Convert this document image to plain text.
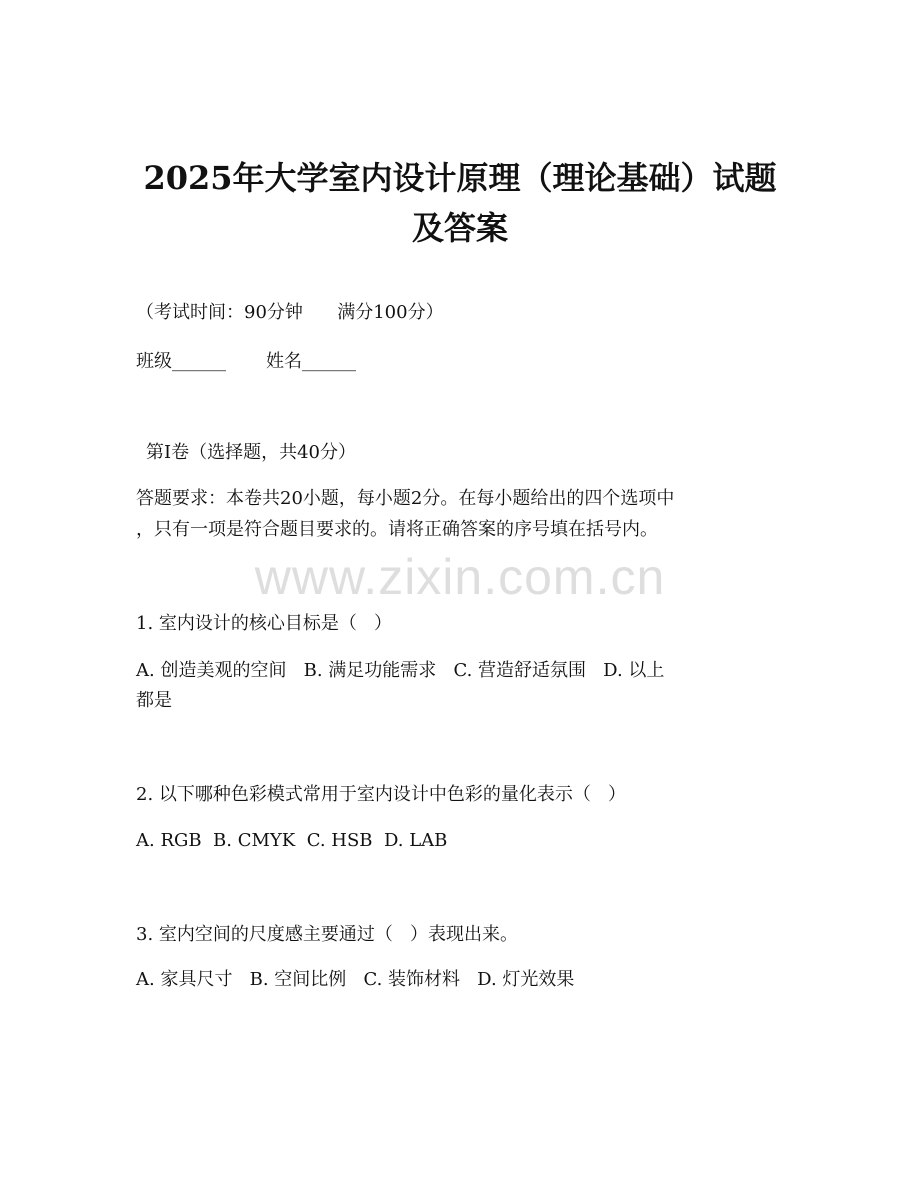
2025年大学室内设计原理（理论基础）试题
及答案
（考试时间：90分钟      满分100分）
班级______       姓名______
第Ⅰ卷（选择题，共40分）
答题要求：本卷共20小题，每小题2分。在每小题给出的四个选项中
，只有一项是符合题目要求的。请将正确答案的序号填在括号内。
www.zixin.com.cn
1. 室内设计的核心目标是（   ）
A. 创造美观的空间   B. 满足功能需求   C. 营造舒适氛围   D. 以上
都是
2. 以下哪种色彩模式常用于室内设计中色彩的量化表示（   ）
A. RGB  B. CMYK  C. HSB  D. LAB
3. 室内空间的尺度感主要通过（   ）表现出来。
A. 家具尺寸   B. 空间比例   C. 装饰材料   D. 灯光效果
